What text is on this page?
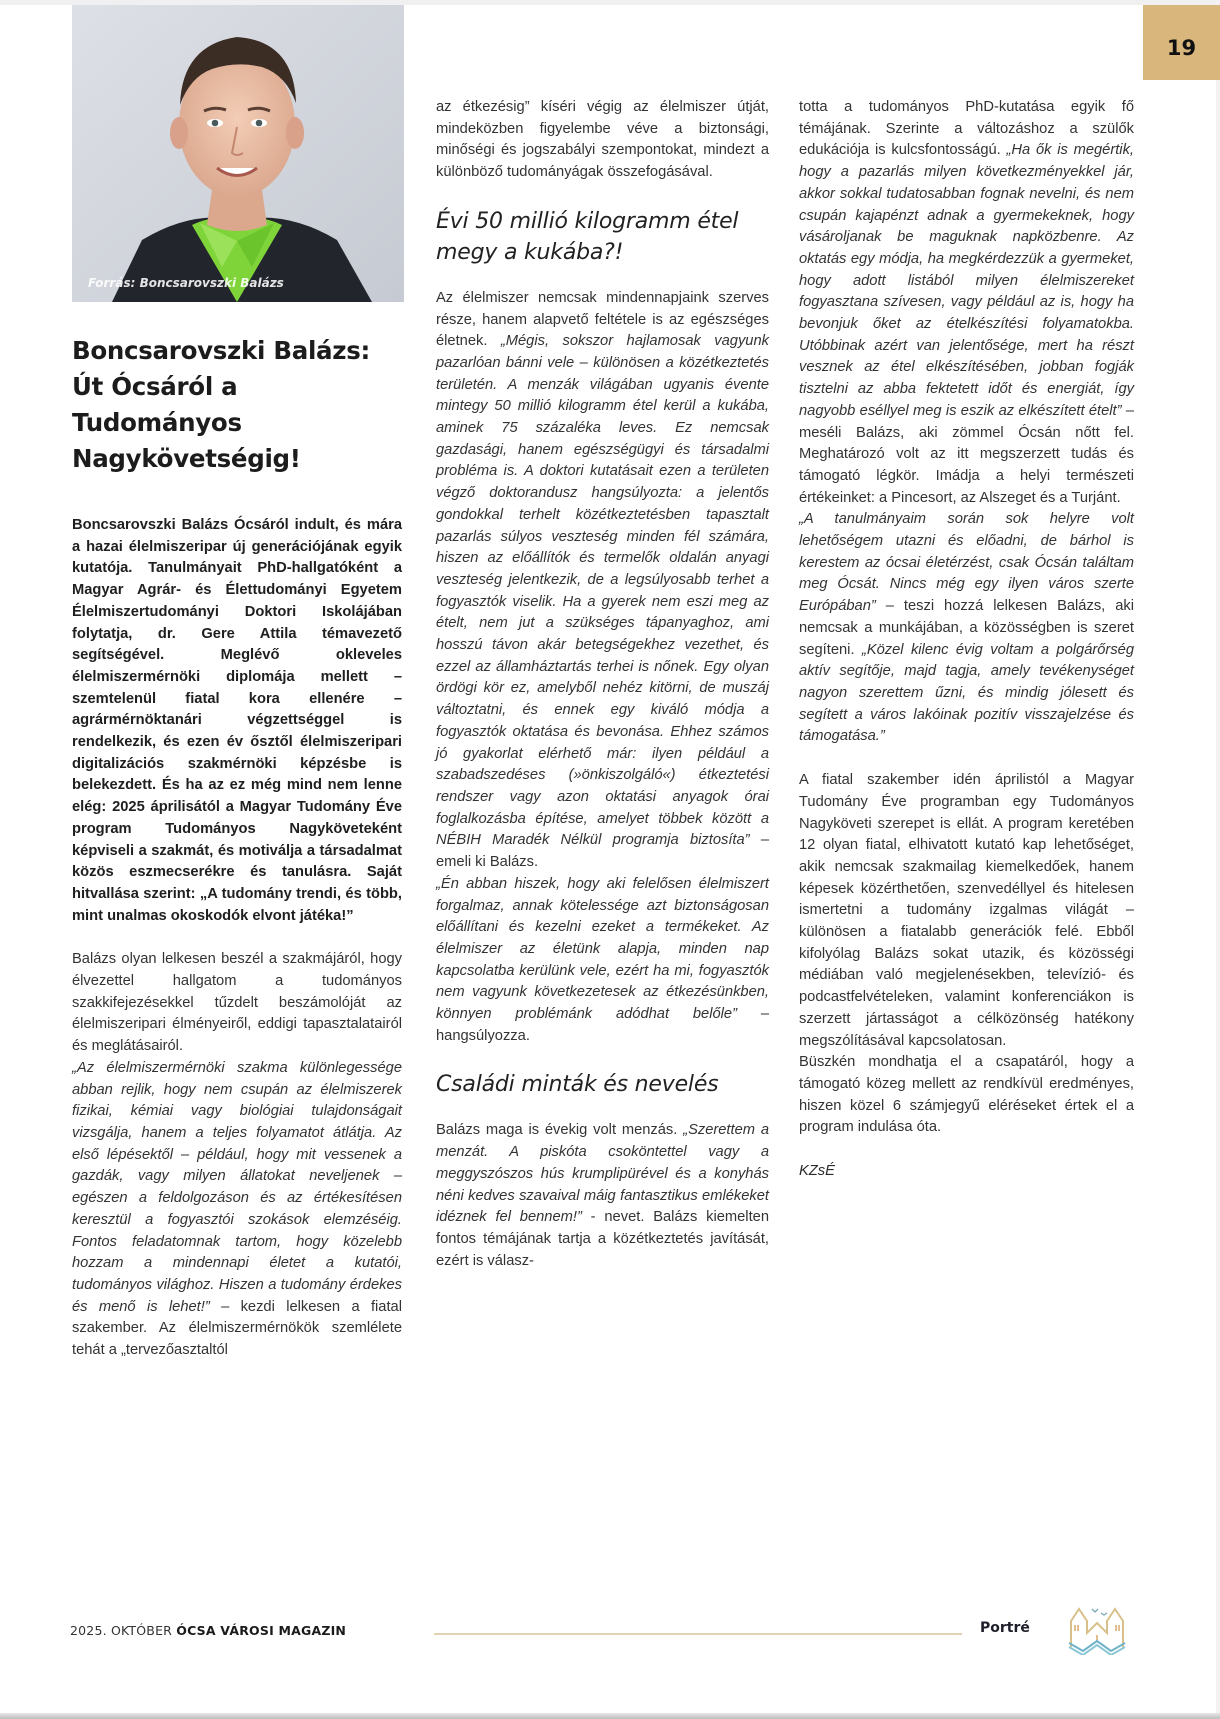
19
Forrás: Boncsarovszki Balázs
Boncsarovszki Balázs: Út Ócsáról a Tudományos Nagykövetségig!

Boncsarovszki Balázs Ócsáról indult, és mára a hazai élelmiszeripar új generációjának egyik kutatója. Tanulmányait PhD-hallgatóként a Magyar Agrár- és Élettudományi Egyetem Élelmiszertudományi Doktori Iskolájában folytatja, dr. Gere Attila témavezető segítségével. Meglévő okleveles élelmiszermérnöki diplomája mellett – szemtelenül fiatal kora ellenére – agrármérnöktanári végzettséggel is rendelkezik, és ezen év ősztől élelmiszeripari digitalizációs szakmérnöki képzésbe is belekezdett. És ha az ez még mind nem lenne elég: 2025 áprilisától a Magyar Tudomány Éve program Tudományos Nagyköveteként képviseli a szakmát, és motiválja a társadalmat közös eszmecserékre és tanulásra. Saját hitvallása szerint: „A tudomány trendi, és több, mint unalmas okoskodók elvont játéka!”

Balázs olyan lelkesen beszél a szakmájáról, hogy élvezettel hallgatom a tudományos szakkifejezésekkel tűzdelt beszámolóját az élelmiszeripari élményeiről, eddigi tapasztalatairól és meglátásairól.

„Az élelmiszermérnöki szakma különlegessége abban rejlik, hogy nem csupán az élelmiszerek fizikai, kémiai vagy biológiai tulajdonságait vizsgálja, hanem a teljes folyamatot átlátja. Az első lépésektől – például, hogy mit vessenek a gazdák, vagy milyen állatokat neveljenek – egészen a feldolgozáson és az értékesítésen keresztül a fogyasztói szokások elemzéséig. Fontos feladatomnak tartom, hogy közelebb hozzam a mindennapi életet a kutatói, tudományos világhoz. Hiszen a tudomány érdekes és menő is lehet!” – kezdi lelkesen a fiatal szakember. Az élelmiszermérnökök szemlélete tehát a „tervezőasztaltól

az étkezésig” kíséri végig az élelmiszer útját, mindeközben figyelembe véve a biztonsági, minőségi és jogszabályi szempontokat, mindezt a különböző tudományágak összefogásával.

Évi 50 millió kilogramm étel megy a kukába?!

Az élelmiszer nemcsak mindennapjaink szerves része, hanem alapvető feltétele is az egészséges életnek. „Mégis, sokszor hajlamosak vagyunk pazarlóan bánni vele – különösen a közétkeztetés területén. A menzák világában ugyanis évente mintegy 50 millió kilogramm étel kerül a kukába, aminek 75 százaléka leves. Ez nemcsak gazdasági, hanem egészségügyi és társadalmi probléma is. A doktori kutatásait ezen a területen végző doktorandusz hangsúlyozta: a jelentős gondokkal terhelt közétkeztetésben tapasztalt pazarlás súlyos veszteség minden fél számára, hiszen az előállítók és termelők oldalán anyagi veszteség jelentkezik, de a legsúlyosabb terhet a fogyasztók viselik. Ha a gyerek nem eszi meg az ételt, nem jut a szükséges tápanyaghoz, ami hosszú távon akár betegségekhez vezethet, és ezzel az államháztartás terhei is nőnek. Egy olyan ördögi kör ez, amelyből nehéz kitörni, de muszáj változtatni, és ennek egy kiváló módja a fogyasztók oktatása és bevonása. Ehhez számos jó gyakorlat elérhető már: ilyen például a szabadszedéses (»önkiszolgáló«) étkeztetési rendszer vagy azon oktatási anyagok órai foglalkozásba építése, amelyet többek között a NÉBIH Maradék Nélkül programja biztosíta” – emeli ki Balázs.

„Én abban hiszek, hogy aki felelősen élelmiszert forgalmaz, annak kötelessége azt biztonságosan előállítani és kezelni ezeket a termékeket. Az élelmiszer az életünk alapja, minden nap kapcsolatba kerülünk vele, ezért ha mi, fogyasztók nem vagyunk következetesek az étkezésünkben, könnyen problémánk adódhat belőle” – hangsúlyozza.

Családi minták és nevelés

Balázs maga is évekig volt menzás. „Szerettem a menzát. A piskóta csoköntettel vagy a meggyszószos hús krumplipürével és a konyhás néni kedves szavaival máig fantasztikus emlékeket idéznek fel bennem!” - nevet. Balázs kiemelten fontos témájának tartja a közétkeztetés javítását, ezért is válasz-

totta a tudományos PhD-kutatása egyik fő témájának. Szerinte a változáshoz a szülők edukációja is kulcsfontosságú. „Ha ők is megértik, hogy a pazarlás milyen következményekkel jár, akkor sokkal tudatosabban fognak nevelni, és nem csupán kajapénzt adnak a gyermekeknek, hogy vásároljanak be maguknak napközbenre. Az oktatás egy módja, ha megkérdezzük a gyermeket, hogy adott listából milyen élelmiszereket fogyasztana szívesen, vagy például az is, hogy ha bevonjuk őket az ételkészítési folyamatokba. Utóbbinak azért van jelentősége, mert ha részt vesznek az étel elkészítésében, jobban fogják tisztelni az abba fektetett időt és energiát, így nagyobb eséllyel meg is eszik az elkészített ételt” – meséli Balázs, aki zömmel Ócsán nőtt fel. Meghatározó volt az itt megszerzett tudás és támogató légkör. Imádja a helyi természeti értékeinket: a Pincesort, az Alszeget és a Turjánt.

„A tanulmányaim során sok helyre volt lehetőségem utazni és előadni, de bárhol is kerestem az ócsai életérzést, csak Ócsán találtam meg Ócsát. Nincs még egy ilyen város szerte Európában” – teszi hozzá lelkesen Balázs, aki nemcsak a munkájában, a közösségben is szeret segíteni. „Közel kilenc évig voltam a polgárőrség aktív segítője, majd tagja, amely tevékenységet nagyon szerettem űzni, és mindig jólesett és segített a város lakóinak pozitív visszajelzése és támogatása.”

A fiatal szakember idén áprilistól a Magyar Tudomány Éve programban egy Tudományos Nagyköveti szerepet is ellát. A program keretében 12 olyan fiatal, elhivatott kutató kap lehetőséget, akik nemcsak szakmailag kiemelkedőek, hanem képesek közérthetően, szenvedéllyel és hitelesen ismertetni a tudomány izgalmas világát – különösen a fiatalabb generációk felé. Ebből kifolyólag Balázs sokat utazik, és közösségi médiában való megjelenésekben, televízió- és podcastfelvételeken, valamint konferenciákon is szerzett jártasságot a célközönség hatékony megszólításával kapcsolatosan.

Büszkén mondhatja el a csapatáról, hogy a támogató közeg mellett az rendkívül eredményes, hiszen közel 6 számjegyű eléréseket értek el a program indulása óta.

KZsÉ

2025. OKTÓBER ÓCSA VÁROSI MAGAZIN	Portré
